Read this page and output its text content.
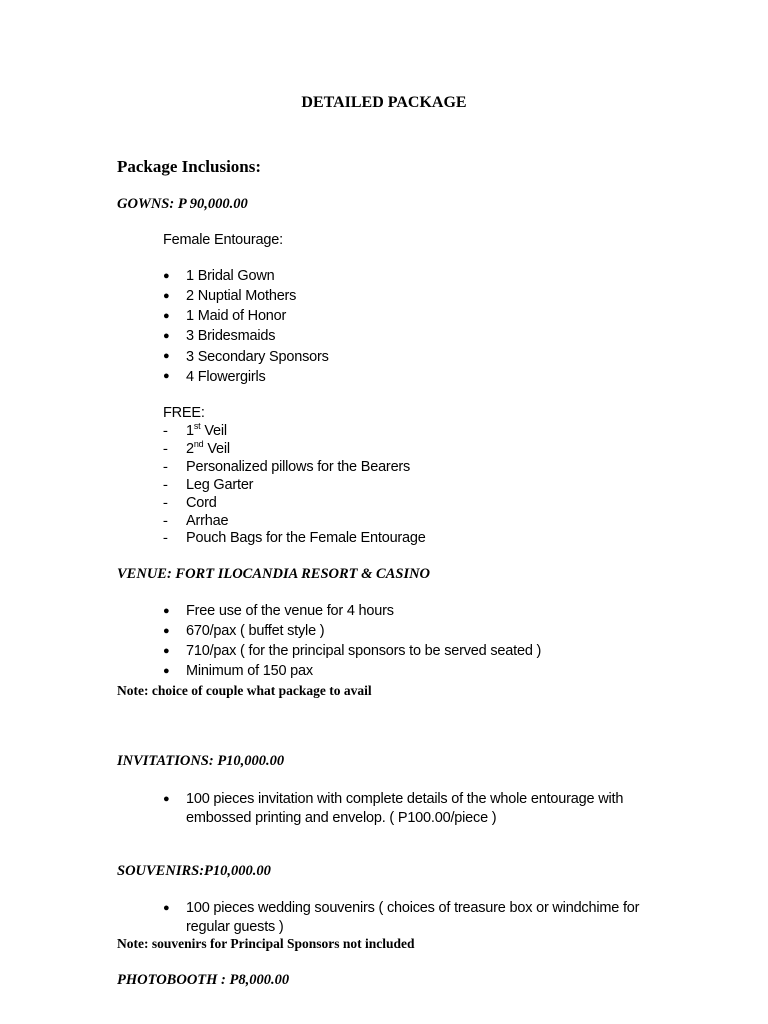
DETAILED PACKAGE
Package Inclusions:
GOWNS: P 90,000.00
Female Entourage:
● 1 Bridal Gown
● 2 Nuptial Mothers
● 1 Maid of Honor
● 3 Bridesmaids
● 3 Secondary Sponsors
● 4 Flowergirls
FREE:
- 1st Veil
- 2nd Veil
- Personalized pillows for the Bearers
- Leg Garter
- Cord
- Arrhae
- Pouch Bags for the Female Entourage
VENUE: FORT ILOCANDIA RESORT & CASINO
● Free use of the venue for 4 hours
● 670/pax ( buffet style )
● 710/pax ( for the principal sponsors to be served seated )
● Minimum of 150 pax
Note: choice of couple what package to avail
INVITATIONS: P10,000.00
● 100 pieces invitation with complete details of the whole entourage with
embossed printing and envelop. ( P100.00/piece )
SOUVENIRS:P10,000.00
● 100 pieces wedding souvenirs ( choices of treasure box or windchime for
regular guests )
Note: souvenirs for Principal Sponsors not included
PHOTOBOOTH : P8,000.00
